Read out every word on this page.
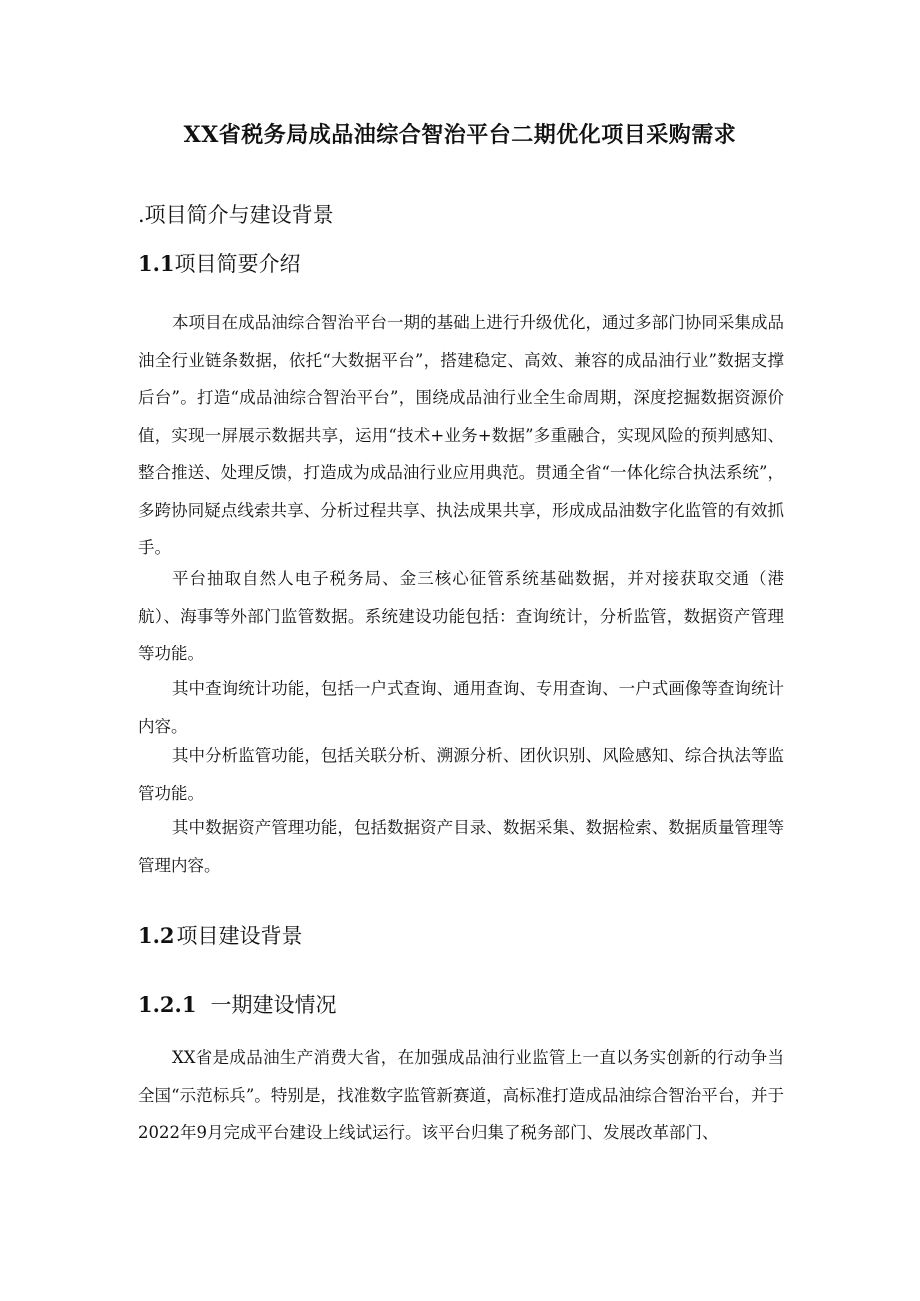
XX省税务局成品油综合智治平台二期优化项目采购需求
.项目简介与建设背景
1.1项目简要介绍

本项目在成品油综合智治平台一期的基础上进行升级优化，通过多部门协同采集成品油全行业链条数据，依托“大数据平台”，搭建稳定、高效、兼容的成品油行业”数据支撑后台”。打造“成品油综合智治平台”，围绕成品油行业全生命周期，深度挖掘数据资源价值，实现一屏展示数据共享，运用“技术+业务+数据”多重融合，实现风险的预判感知、整合推送、处理反馈，打造成为成品油行业应用典范。贯通全省“一体化综合执法系统”，多跨协同疑点线索共享、分析过程共享、执法成果共享，形成成品油数字化监管的有效抓手。

平台抽取自然人电子税务局、金三核心征管系统基础数据，并对接获取交通（港航）、海事等外部门监管数据。系统建设功能包括：查询统计，分析监管，数据资产管理等功能。

其中查询统计功能，包括一户式查询、通用查询、专用查询、一户式画像等查询统计内容。

其中分析监管功能，包括关联分析、溯源分析、团伙识别、风险感知、综合执法等监管功能。

其中数据资产管理功能，包括数据资产目录、数据采集、数据检索、数据质量管理等管理内容。

1.2项目建设背景
1.2.1 一期建设情况

XX省是成品油生产消费大省，在加强成品油行业监管上一直以务实创新的行动争当全国“示范标兵”。特别是，找准数字监管新赛道，高标准打造成品油综合智治平台，并于2022年9月完成平台建设上线试运行。该平台归集了税务部门、发展改革部门、
